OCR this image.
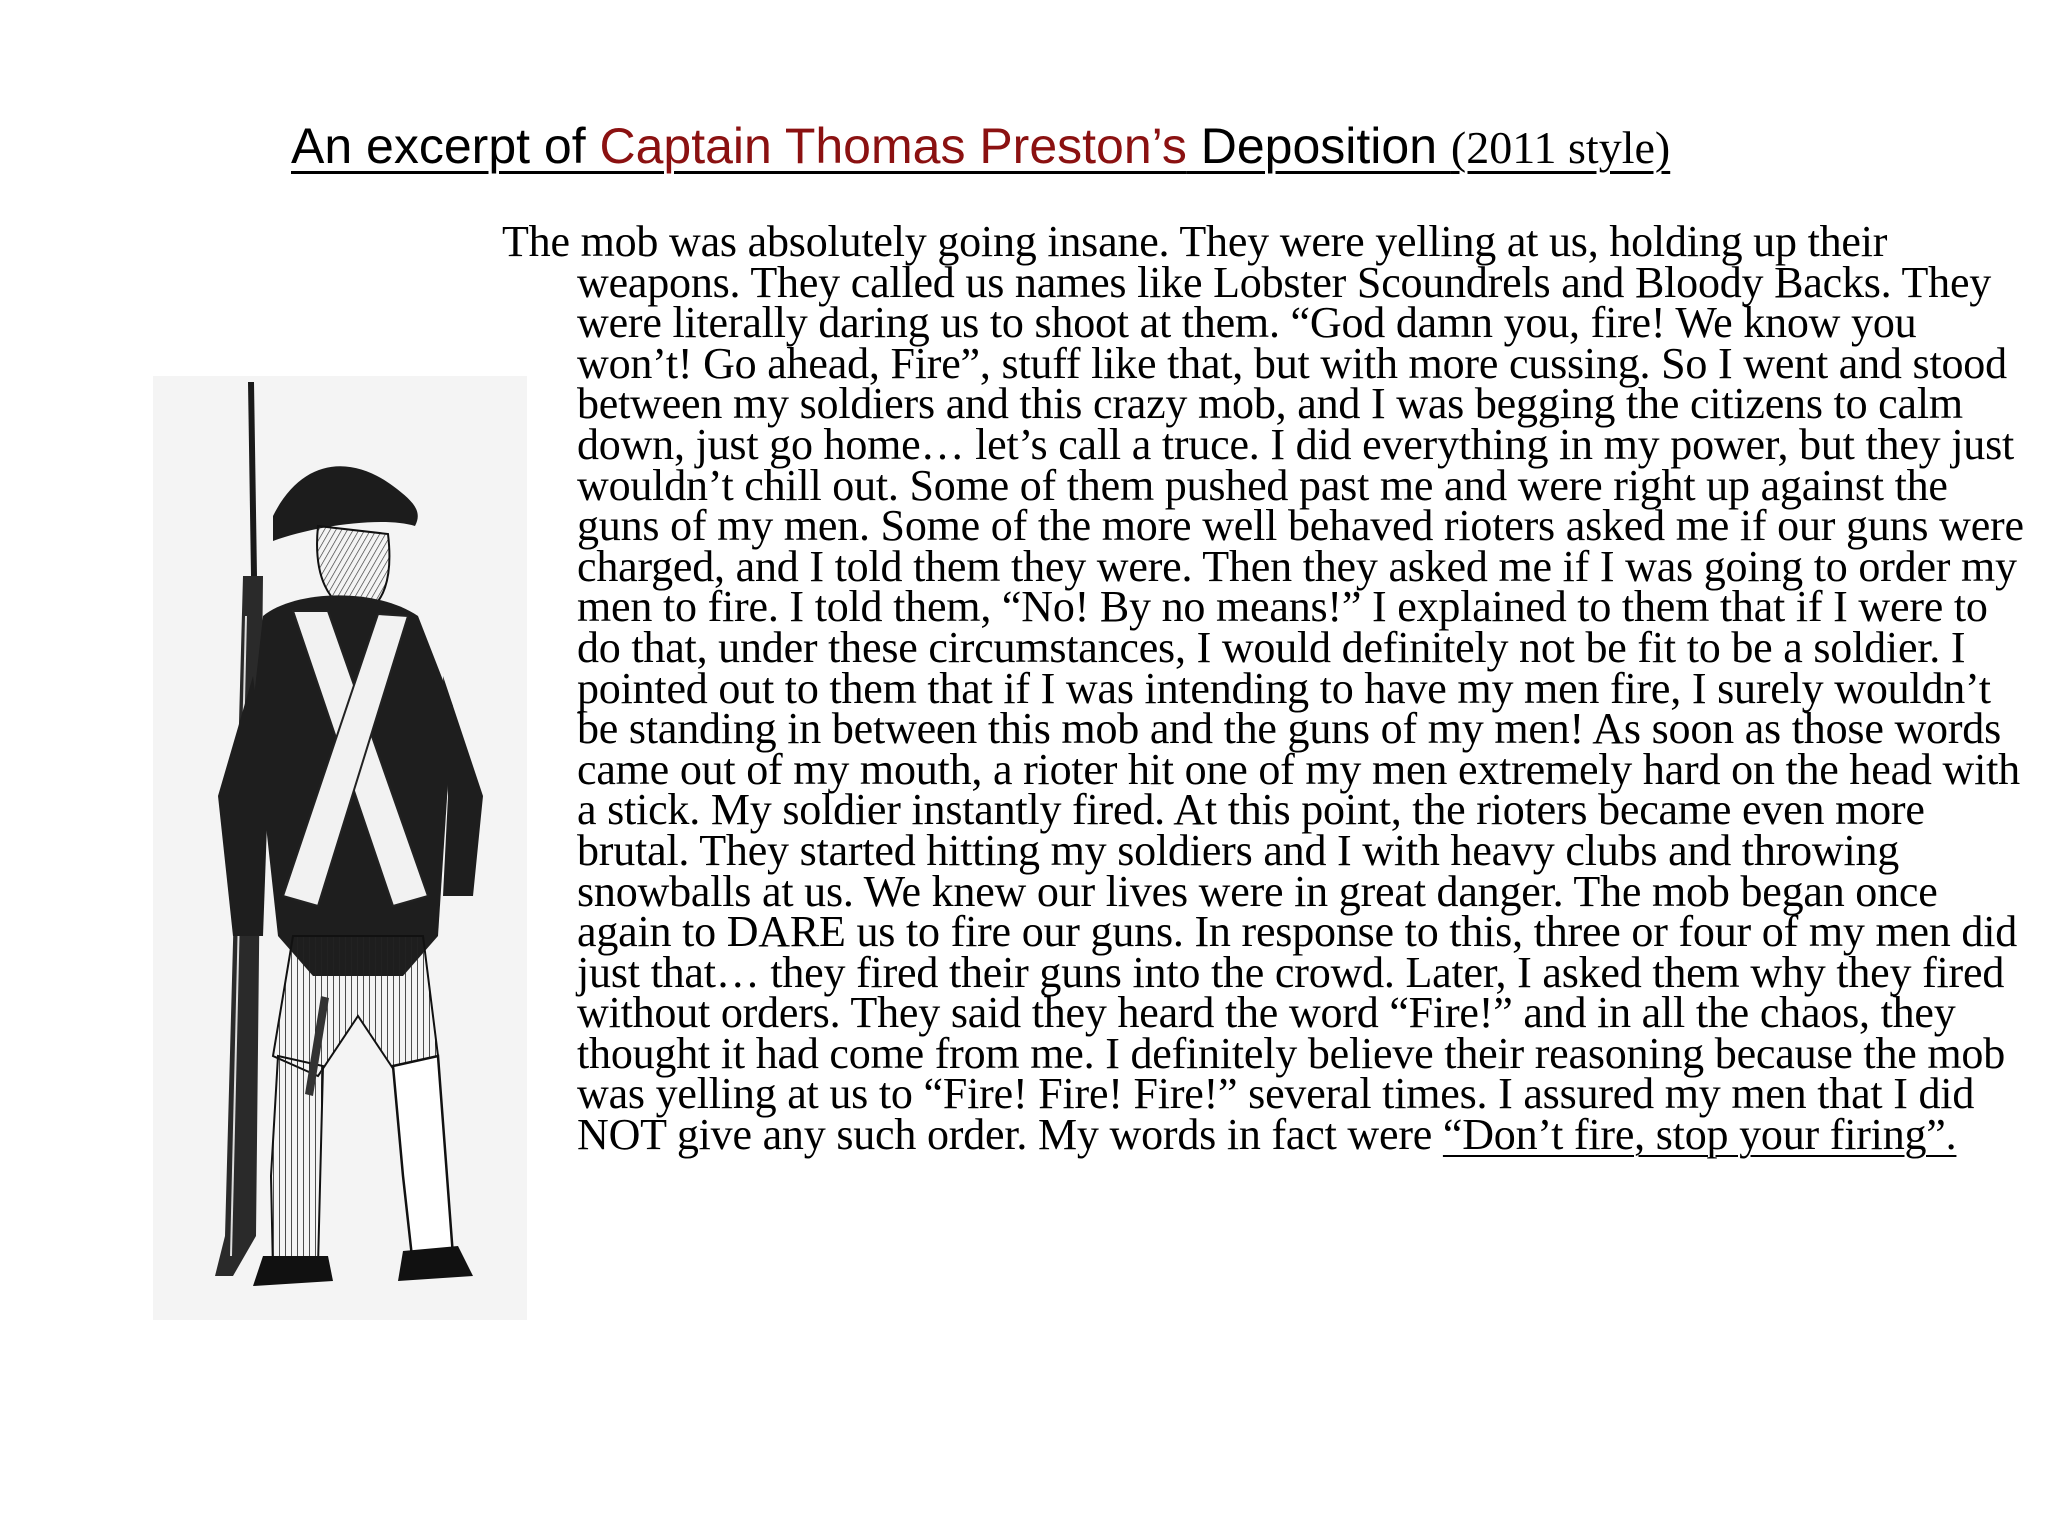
An excerpt of Captain Thomas Preston’s Deposition (2011 style)

The mob was absolutely going insane. They were yelling at us, holding up their weapons. They called us names like Lobster Scoundrels and Bloody Backs. They were literally daring us to shoot at them. “God damn you, fire! We know you won’t! Go ahead, Fire”, stuff like that, but with more cussing. So I went and stood between my soldiers and this crazy mob, and I was begging the citizens to calm down, just go home… let’s call a truce. I did everything in my power, but they just wouldn’t chill out. Some of them pushed past me and were right up against the guns of my men. Some of the more well behaved rioters asked me if our guns were charged, and I told them they were. Then they asked me if I was going to order my men to fire. I told them, “No! By no means!” I explained to them that if I were to do that, under these circumstances, I would definitely not be fit to be a soldier. I pointed out to them that if I was intending to have my men fire, I surely wouldn’t be standing in between this mob and the guns of my men! As soon as those words came out of my mouth, a rioter hit one of my men extremely hard on the head with a stick. My soldier instantly fired. At this point, the rioters became even more brutal. They started hitting my soldiers and I with heavy clubs and throwing snowballs at us. We knew our lives were in great danger. The mob began once again to DARE us to fire our guns. In response to this, three or four of my men did just that… they fired their guns into the crowd. Later, I asked them why they fired without orders. They said they heard the word “Fire!” and in all the chaos, they thought it had come from me. I definitely believe their reasoning because the mob was yelling at us to “Fire! Fire! Fire!” several times. I assured my men that I did NOT give any such order. My words in fact were “Don’t fire, stop your firing”.
